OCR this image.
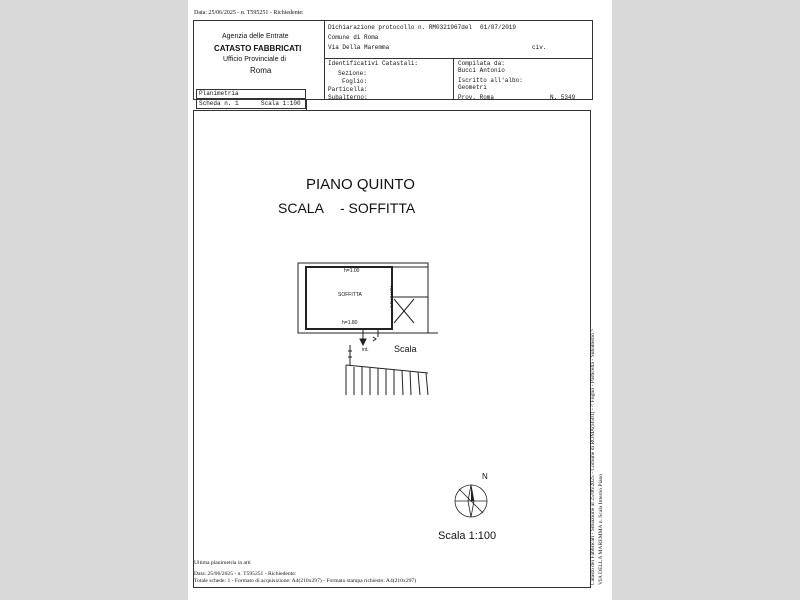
Data: 25/06/2025 - n. T595251 - Richiedente:
Agenzia delle Entrate
CATASTO FABBRICATI
Ufficio Provinciale di
Roma
Dichiarazione protocollo n. RM0321967del 01/07/2019
Comune di Roma
Via Della Maremma	civ.
Identificativi Catastali:
Sezione:
Foglio:
Particella:
Subalterno:
Compilata da:
Bucci Antonio
Iscritto all'albo:
Geometri
Prov. Roma	N. 5349
Planimetria
Scheda n. 1	Scala 1:100
PIANO QUINTO
SCALA - SOFFITTA
h=1.00
SOFFITTA
h=1.80
ALTRA U.I.
int.	Scala
N
Scala 1:100	Catasto dei Fabbricati - Situazione al 25/06/2025 - Comune di ROMA(H501) - < Foglio - Particella - Subalterno > VIA DELLA MAREMMA n. Scala Interno Piano
Ultima planimetria in atti
Data: 25/06/2025 - n. T595251 - Richiedente:
Totale schede: 1 - Formato di acquisizione: A4(210x297) - Formato stampa richiesto: A4(210x297)
